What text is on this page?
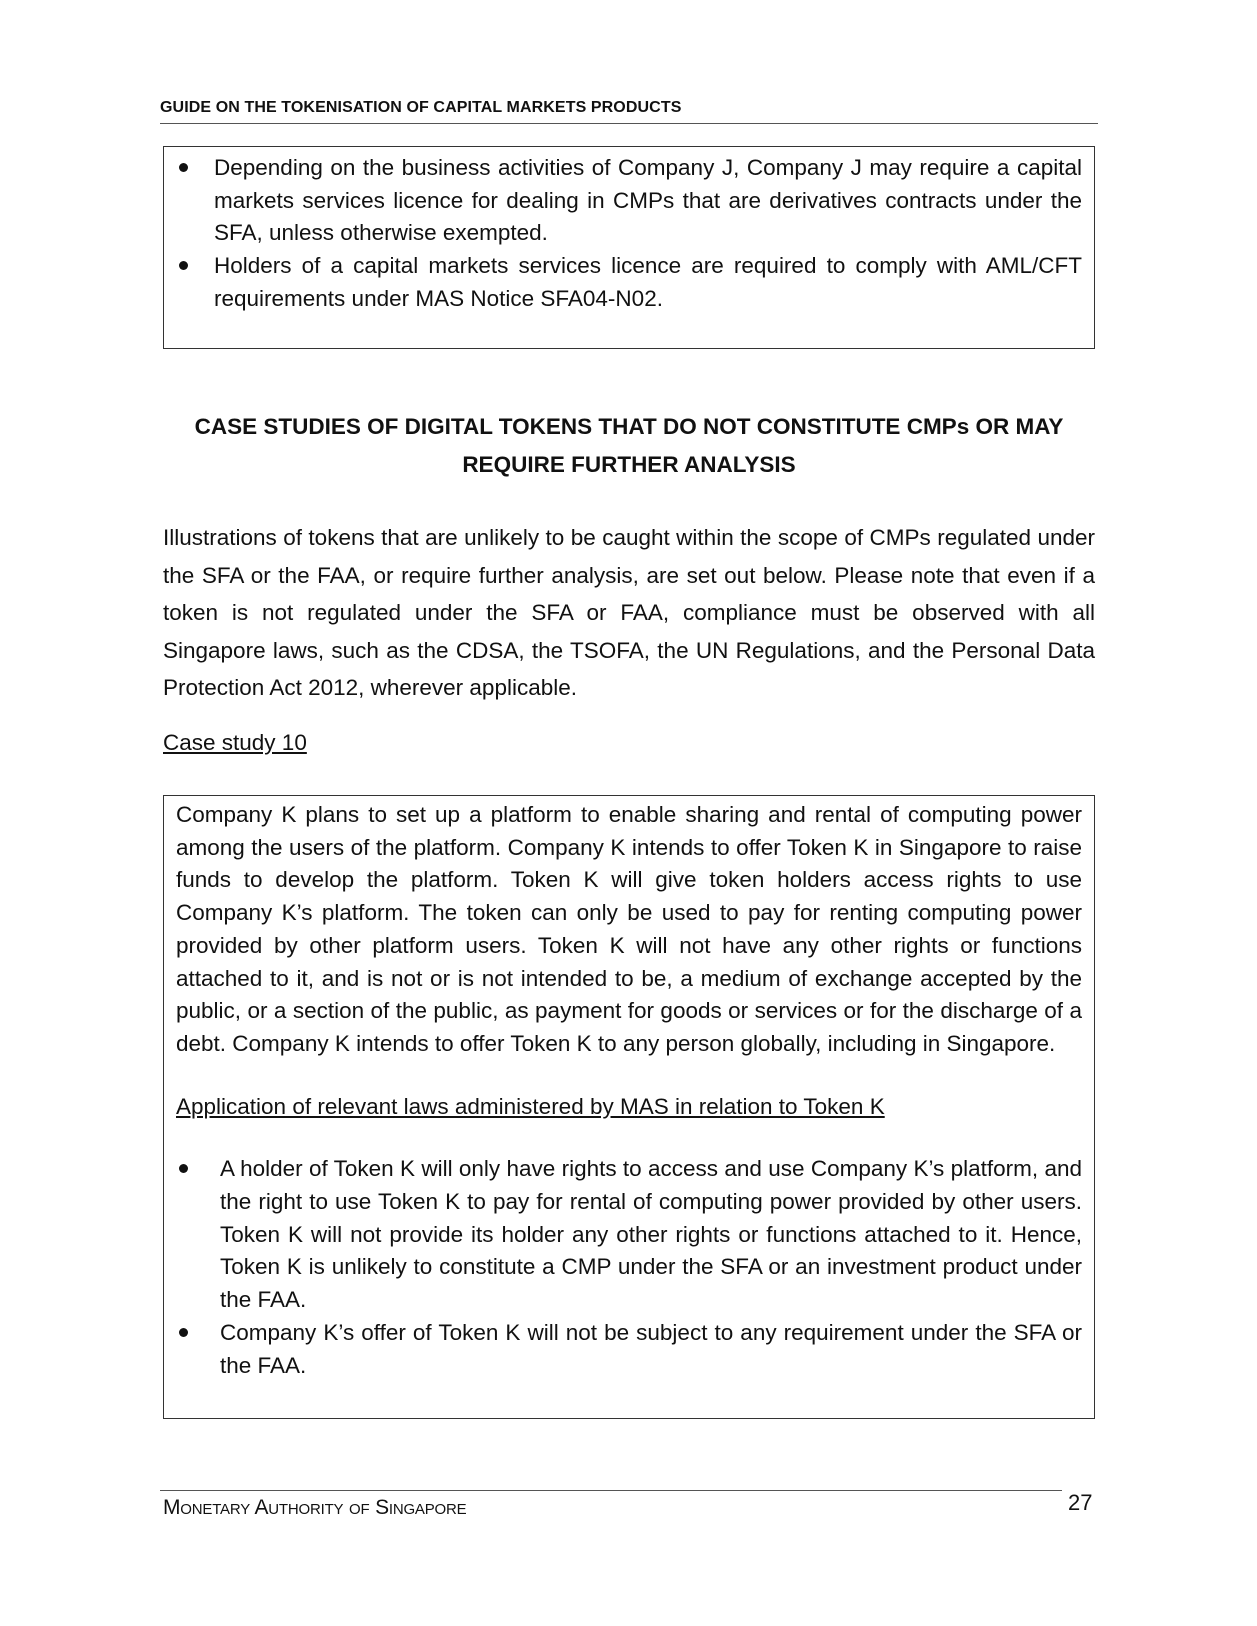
GUIDE ON THE TOKENISATION OF CAPITAL MARKETS PRODUCTS
Depending on the business activities of Company J, Company J may require a capital markets services licence for dealing in CMPs that are derivatives contracts under the SFA, unless otherwise exempted.
Holders of a capital markets services licence are required to comply with AML/CFT requirements under MAS Notice SFA04-N02.
CASE STUDIES OF DIGITAL TOKENS THAT DO NOT CONSTITUTE CMPs OR MAY
REQUIRE FURTHER ANALYSIS

Illustrations of tokens that are unlikely to be caught within the scope of CMPs regulated under the SFA or the FAA, or require further analysis, are set out below. Please note that even if a token is not regulated under the SFA or FAA, compliance must be observed with all Singapore laws, such as the CDSA, the TSOFA, the UN Regulations, and the Personal Data Protection Act 2012, wherever applicable.

Case study 10

Company K plans to set up a platform to enable sharing and rental of computing power among the users of the platform. Company K intends to offer Token K in Singapore to raise funds to develop the platform. Token K will give token holders access rights to use Company K’s platform. The token can only be used to pay for renting computing power provided by other platform users. Token K will not have any other rights or functions attached to it, and is not or is not intended to be, a medium of exchange accepted by the public, or a section of the public, as payment for goods or services or for the discharge of a debt. Company K intends to offer Token K to any person globally, including in Singapore.

Application of relevant laws administered by MAS in relation to Token K
A holder of Token K will only have rights to access and use Company K’s platform, and the right to use Token K to pay for rental of computing power provided by other users. Token K will not provide its holder any other rights or functions attached to it. Hence, Token K is unlikely to constitute a CMP under the SFA or an investment product under the FAA.
Company K’s offer of Token K will not be subject to any requirement under the SFA or the FAA.
Monetary Authority of Singapore	27
